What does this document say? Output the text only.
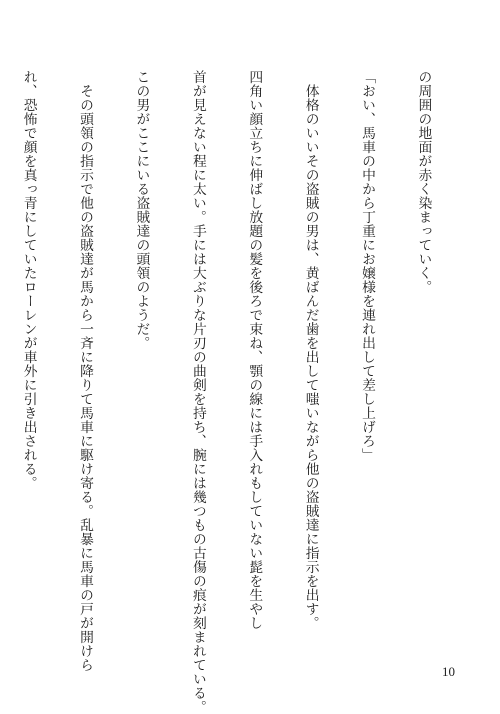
の周囲の地面が赤く染まっていく。

「おい、馬車の中から丁重にお嬢様を連れ出して差し上げろ」

　体格のいいその盗賊の男は、黄ばんだ歯を出して嗤いながら他の盗賊達に指示を出す。

四角い顔立ちに伸ばし放題の髪を後ろで束ね、顎の線には手入れもしていない髭を生やし

首が見えない程に太い。手には大ぶりな片刃の曲剣を持ち、腕には幾つもの古傷の痕が刻まれている。

この男がここにいる盗賊達の頭領のようだ。

　その頭領の指示で他の盗賊達が馬から一斉に降りて馬車に駆け寄る。乱暴に馬車の戸が開けら

れ、恐怖で顔を真っ青にしていたローレンが車外に引き出される。

10
